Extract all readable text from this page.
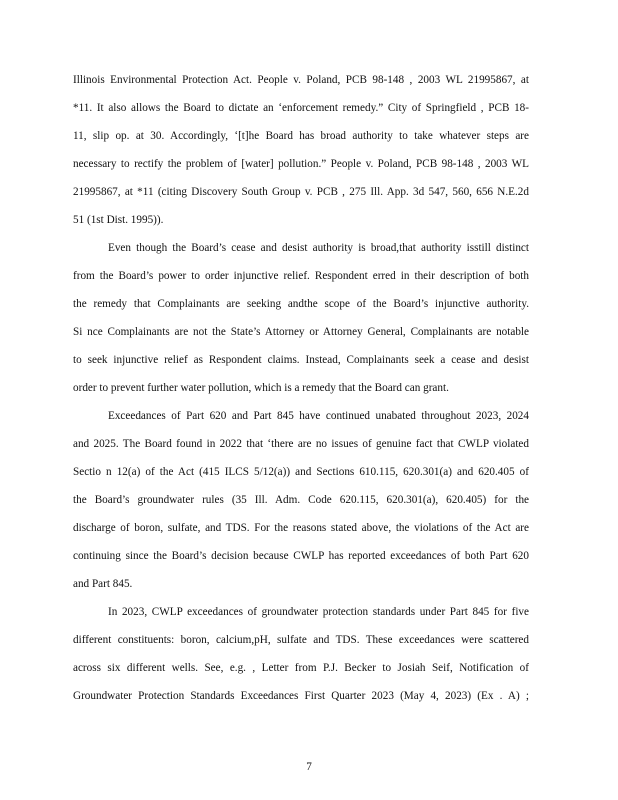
Illinois Environmental Protection Act. People v. Poland, PCB 98-148 , 2003 WL 21995867, at
*11. It also allows the Board to dictate an ‘enforcement remedy.” City of Springfield , PCB 18-
11, slip op. at 30. Accordingly, ‘[t]he Board has broad authority to take whatever steps are
necessary to rectify the problem of [water] pollution.” People v. Poland, PCB 98-148 , 2003 WL
21995867, at *11 (citing Discovery South Group v. PCB , 275 Ill. App. 3d 547, 560, 656 N.E.2d
51 (1st Dist. 1995)).
Even though the Board’s cease and desist authority is broad,that authority isstill distinct
from the Board’s power to order injunctive relief. Respondent erred in their description of both
the remedy that Complainants are seeking andthe scope of the Board’s injunctive authority.
Si nce Complainants are not the State’s Attorney or Attorney General, Complainants are notable
to seek injunctive relief as Respondent claims. Instead, Complainants seek a cease and desist
order to prevent further water pollution, which is a remedy that the Board can grant.
Exceedances of Part 620 and Part 845 have continued unabated throughout 2023, 2024
and 2025. The Board found in 2022 that ‘there are no issues of genuine fact that CWLP violated
Sectio n 12(a) of the Act (415 ILCS 5/12(a)) and Sections 610.115, 620.301(a) and 620.405 of
the Board’s groundwater rules (35 Ill. Adm. Code 620.115, 620.301(a), 620.405) for the
discharge of boron, sulfate, and TDS. For the reasons stated above, the violations of the Act are
continuing since the Board’s decision because CWLP has reported exceedances of both Part 620
and Part 845.
In 2023, CWLP exceedances of groundwater protection standards under Part 845 for five
different constituents: boron, calcium,pH, sulfate and TDS. These exceedances were scattered
across six different wells. See, e.g. , Letter from P.J. Becker to Josiah Seif, Notification of
Groundwater Protection Standards Exceedances First Quarter 2023 (May 4, 2023) (Ex . A) ;
7
